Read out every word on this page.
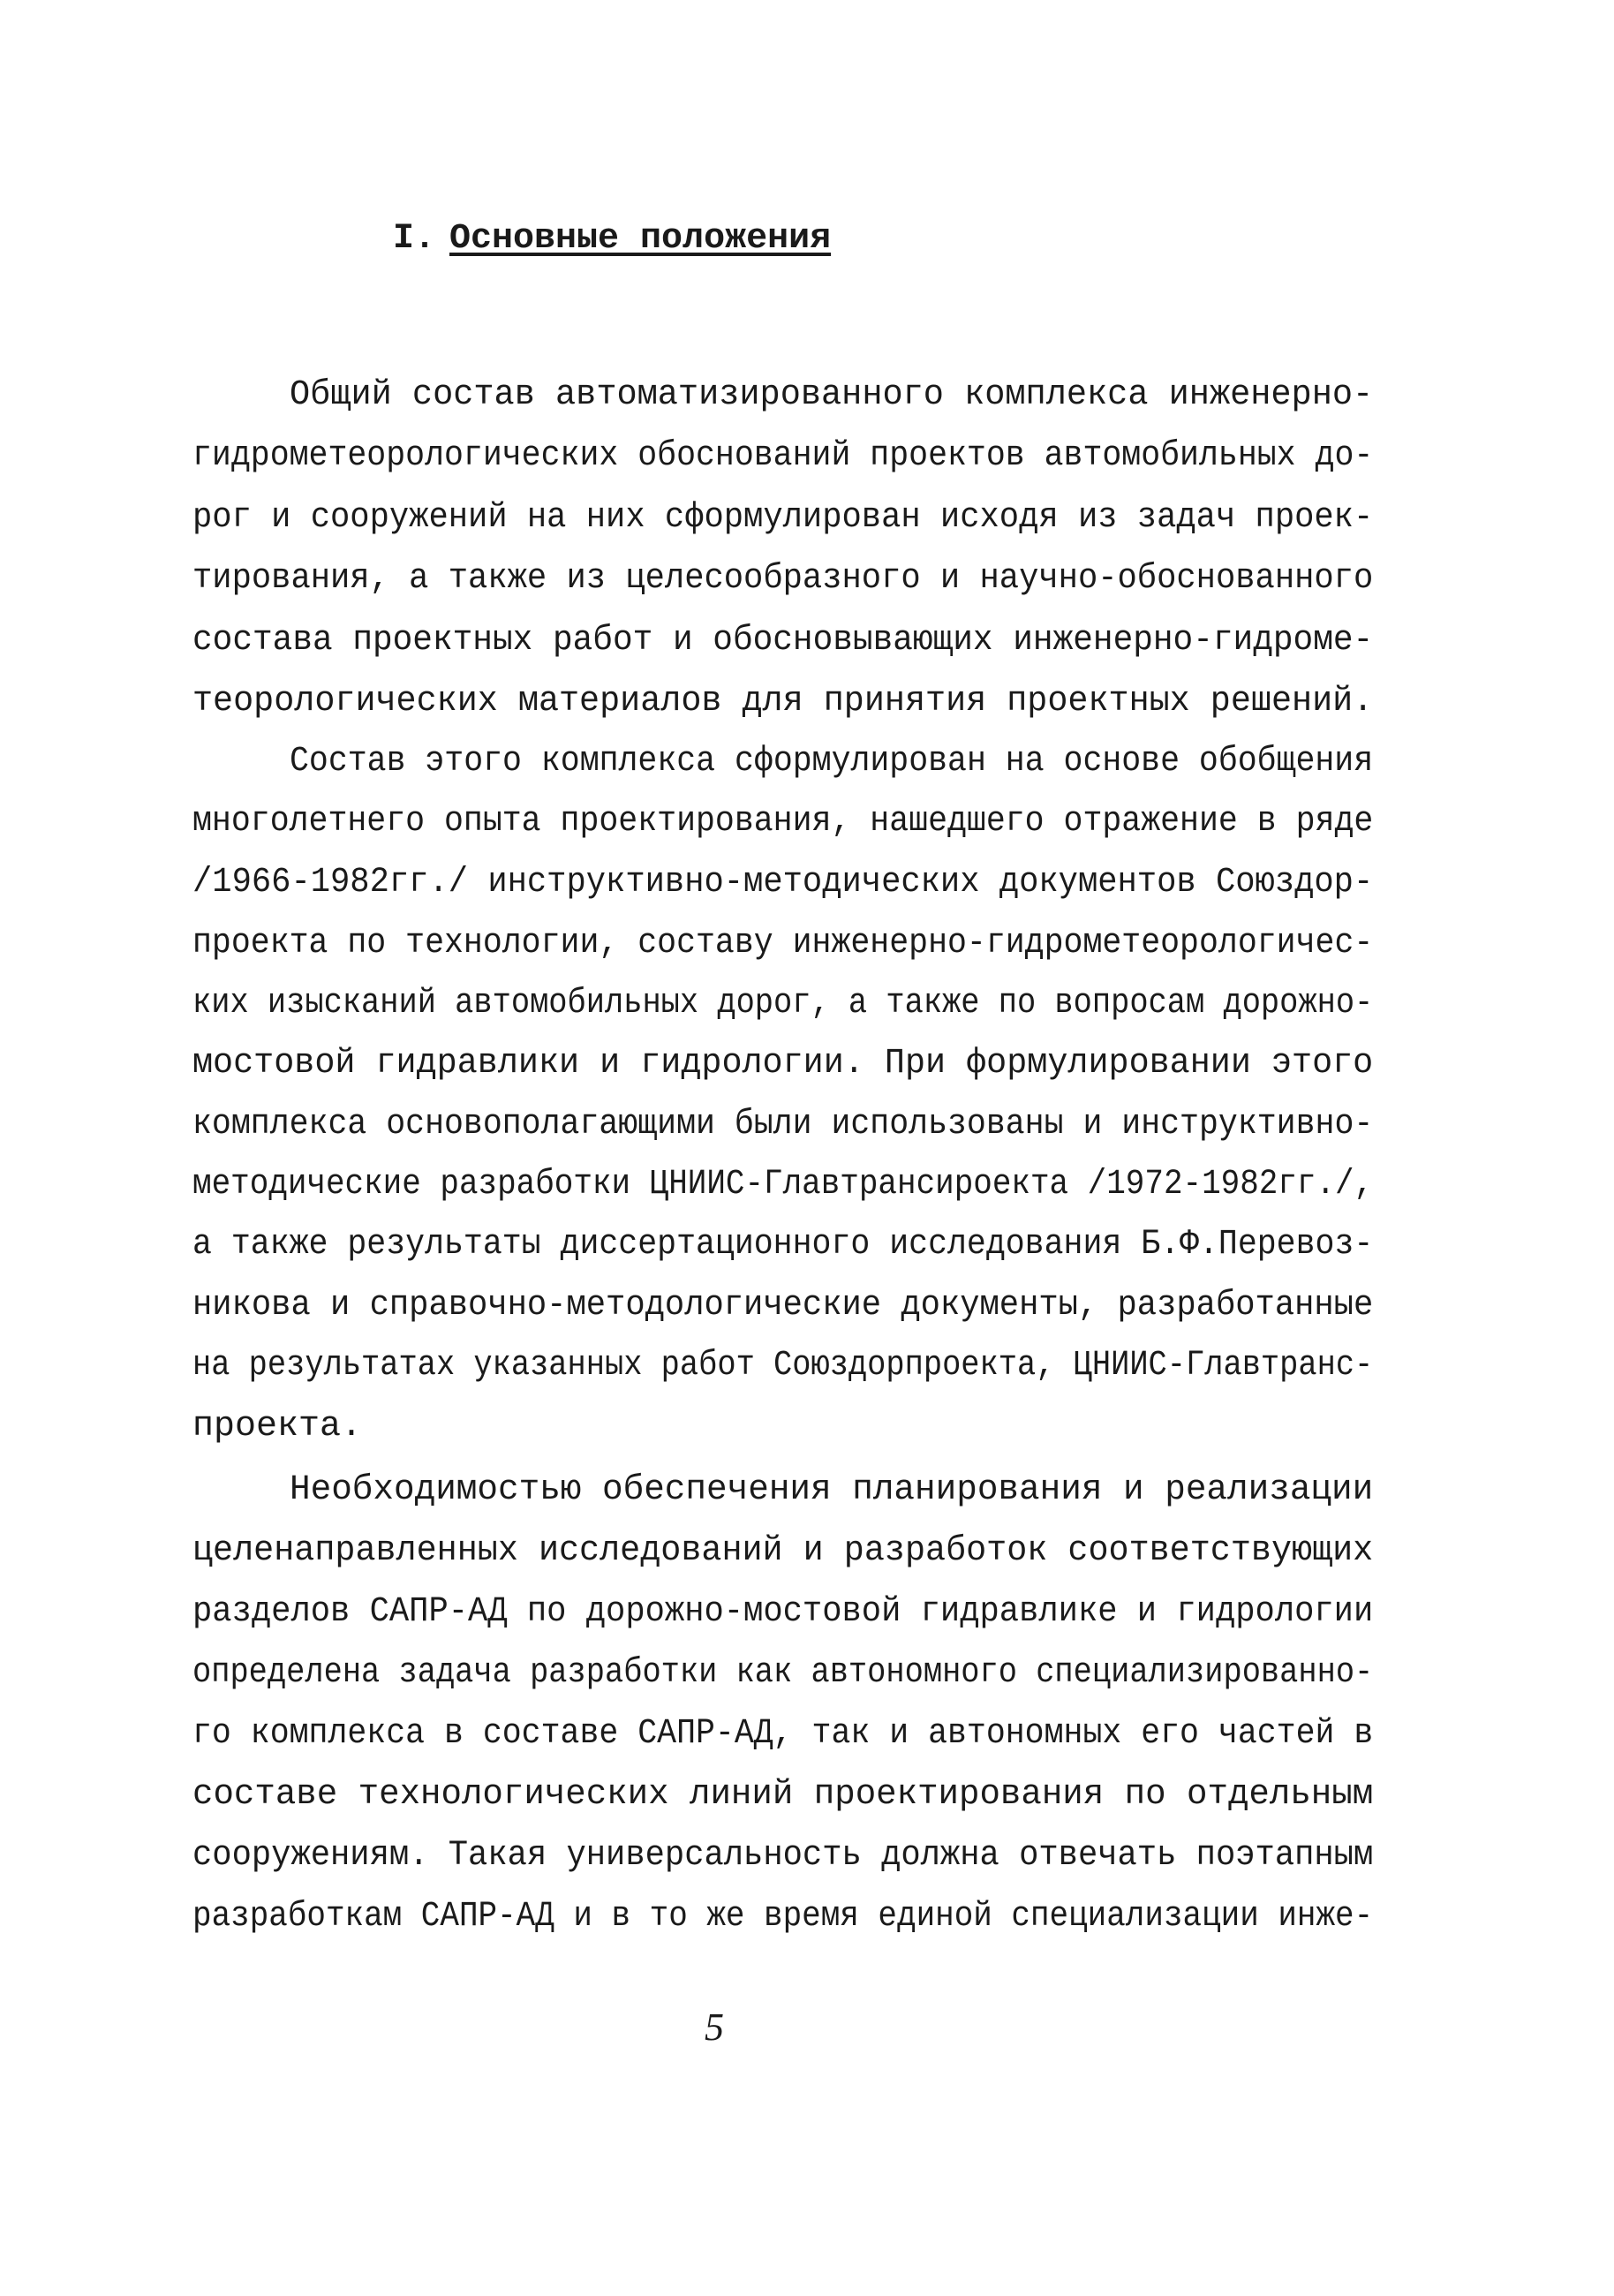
I. Основные положения
Общий состав автоматизированного комплекса инженерно-
гидрометеорологических обоснований проектов автомобильных до-
рог и сооружений на них сформулирован исходя из задач проек-
тирования, а также из целесообразного и научно-обоснованного
состава проектных работ и обосновывающих инженерно-гидроме-
теорологических материалов для принятия проектных решений.
Состав этого комплекса сформулирован на основе обобщения
многолетнего опыта проектирования, нашедшего отражение в ряде
/1966-1982гг./ инструктивно-методических документов Союздор-
проекта по технологии, составу инженерно-гидрометеорологичес-
ких изысканий автомобильных дорог, а также по вопросам дорожно-
мостовой гидравлики и гидрологии. При формулировании этого
комплекса основополагающими были использованы и инструктивно-
методические разработки ЦНИИС-Главтрансироекта /1972-1982гг./,
а также результаты диссертационного исследования Б.Ф.Перевоз-
никова и справочно-методологические документы, разработанные
на результатах указанных работ Союздорпроекта, ЦНИИС-Главтранс-
проекта.
Необходимостью обеспечения планирования и реализации
целенаправленных исследований и разработок соответствующих
разделов САПР-АД по дорожно-мостовой гидравлике и гидрологии
определена задача разработки как автономного специализированно-
го комплекса в составе САПР-АД, так и автономных его частей в
составе технологических линий проектирования по отдельным
сооружениям. Такая универсальность должна отвечать поэтапным
разработкам САПР-АД и в то же время единой специализации инже-
5
